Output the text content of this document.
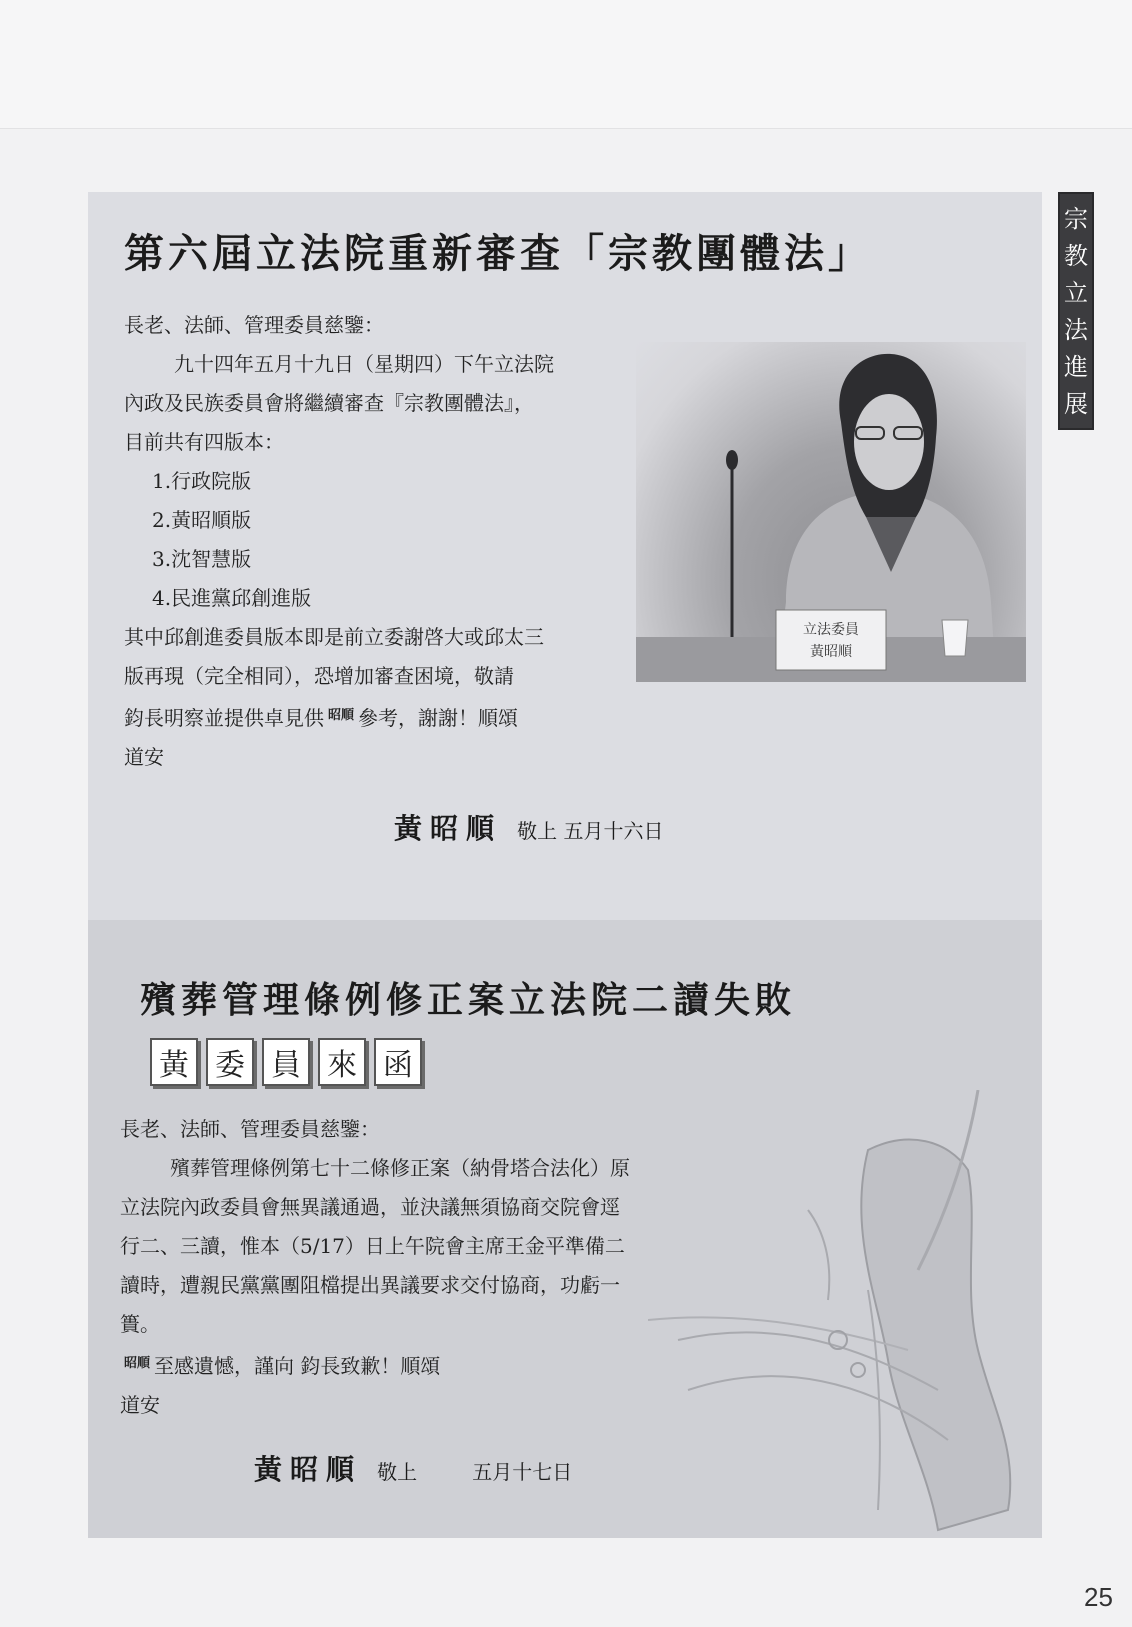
宗
教
立
法
進
展
第六屆立法院重新審查「宗教團體法」
立法委員
黃昭順
長老、法師、管理委員慈鑒：
九十四年五月十九日（星期四）下午立法院
內政及民族委員會將繼續審查『宗教團體法』，
目前共有四版本：
1.行政院版
2.黃昭順版
3.沈智慧版
4.民進黨邱創進版
其中邱創進委員版本即是前立委謝啓大或邱太三
版再現（完全相同），恐增加審查困境，敬請
鈞長明察並提供卓見供 $^{昭順}$ 參考，謝謝！順頌
道安
黃昭順 敬上 五月十六日
殯葬管理條例修正案立法院二讀失敗
黃 委 員 來 函
長老、法師、管理委員慈鑒：
殯葬管理條例第七十二條修正案（納骨塔合法化）原
立法院內政委員會無異議通過，並決議無須協商交院會逕
行二、三讀，惟本（5/17）日上午院會主席王金平準備二
讀時，遭親民黨黨團阻檔提出異議要求交付協商，功虧一
簣。
$^{昭順}$ 至感遺憾，謹向 鈞長致歉！順頌
道安
黃昭順 敬上	五月十七日
25
